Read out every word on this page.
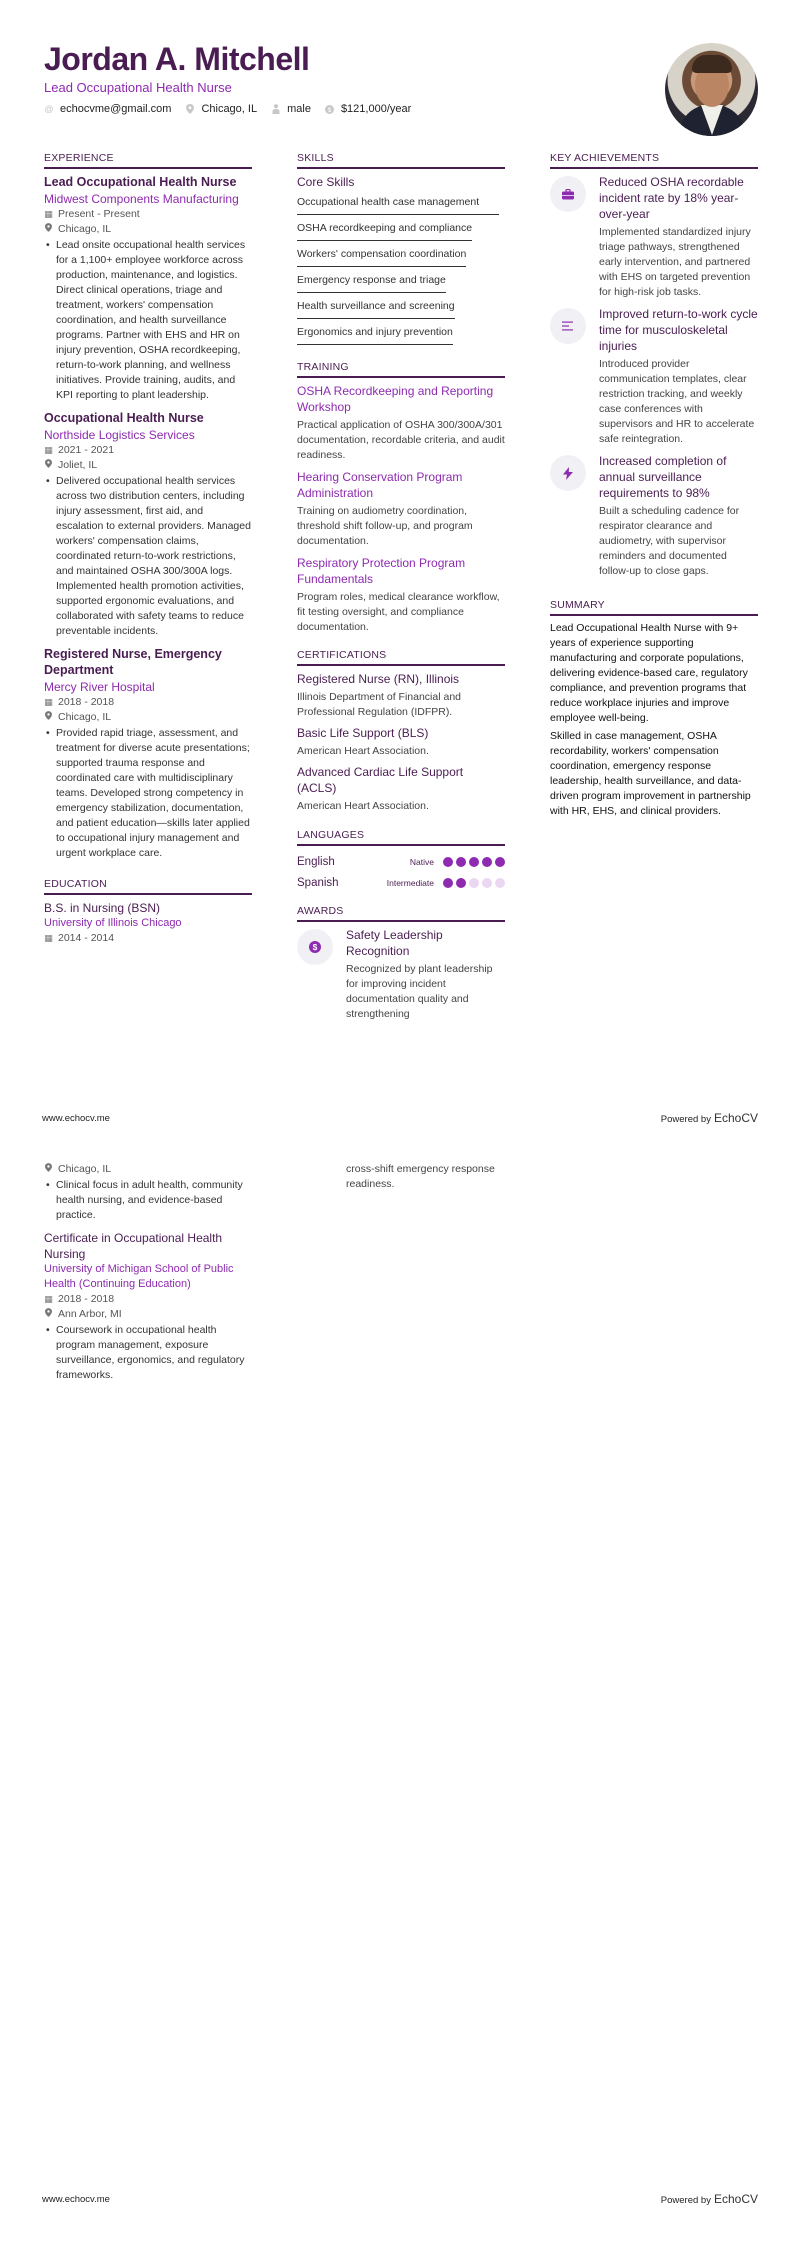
Jordan A. Mitchell
Lead Occupational Health Nurse
@ echocvme@gmail.com	Chicago, IL	male	$ $121,000/year
EXPERIENCE
Lead Occupational Health Nurse
Midwest Components Manufacturing
▦ Present - Present
Chicago, IL
• Lead onsite occupational health services for a 1,100+ employee workforce across production, maintenance, and logistics. Direct clinical operations, triage and treatment, workers' compensation coordination, and health surveillance programs. Partner with EHS and HR on injury prevention, OSHA recordkeeping, return-to-work planning, and wellness initiatives. Provide training, audits, and KPI reporting to plant leadership.
Occupational Health Nurse
Northside Logistics Services
▦ 2021 - 2021
Joliet, IL
• Delivered occupational health services across two distribution centers, including injury assessment, first aid, and escalation to external providers. Managed workers' compensation claims, coordinated return-to-work restrictions, and maintained OSHA 300/300A logs. Implemented health promotion activities, supported ergonomic evaluations, and collaborated with safety teams to reduce preventable incidents.
Registered Nurse, Emergency Department
Mercy River Hospital
▦ 2018 - 2018
Chicago, IL
• Provided rapid triage, assessment, and treatment for diverse acute presentations; supported trauma response and coordinated care with multidisciplinary teams. Developed strong competency in emergency stabilization, documentation, and patient education—skills later applied to occupational injury management and urgent workplace care.
EDUCATION
B.S. in Nursing (BSN)
University of Illinois Chicago
▦ 2014 - 2014
SKILLS
Core Skills
Occupational health case management
OSHA recordkeeping and compliance
Workers' compensation coordination
Emergency response and triage
Health surveillance and screening
Ergonomics and injury prevention
TRAINING
OSHA Recordkeeping and Reporting Workshop
Practical application of OSHA 300/300A/301 documentation, recordable criteria, and audit readiness.
Hearing Conservation Program Administration
Training on audiometry coordination, threshold shift follow-up, and program documentation.
Respiratory Protection Program Fundamentals
Program roles, medical clearance workflow, fit testing oversight, and compliance documentation.
CERTIFICATIONS
Registered Nurse (RN), Illinois
Illinois Department of Financial and Professional Regulation (IDFPR).
Basic Life Support (BLS)
American Heart Association.
Advanced Cardiac Life Support (ACLS)
American Heart Association.
LANGUAGES
English	Native
Spanish	Intermediate
AWARDS
$
Safety Leadership Recognition
Recognized by plant leadership for improving incident documentation quality and strengthening
KEY ACHIEVEMENTS
Reduced OSHA recordable incident rate by 18% year-over-year
Implemented standardized injury triage pathways, strengthened early intervention, and partnered with EHS on targeted prevention for high-risk job tasks.
Improved return-to-work cycle time for musculoskeletal injuries
Introduced provider communication templates, clear restriction tracking, and weekly case conferences with supervisors and HR to accelerate safe reintegration.
Increased completion of annual surveillance requirements to 98%
Built a scheduling cadence for respirator clearance and audiometry, with supervisor reminders and documented follow-up to close gaps.
SUMMARY

Lead Occupational Health Nurse with 9+ years of experience supporting manufacturing and corporate populations, delivering evidence-based care, regulatory compliance, and prevention programs that reduce workplace injuries and improve employee well-being.

Skilled in case management, OSHA recordability, workers' compensation coordination, emergency response leadership, health surveillance, and data-driven program improvement in partnership with HR, EHS, and clinical providers.

www.echocv.me	Powered by EchoCV
Chicago, IL
• Clinical focus in adult health, community health nursing, and evidence-based practice.
Certificate in Occupational Health Nursing
University of Michigan School of Public Health (Continuing Education)
▦ 2018 - 2018
Ann Arbor, MI
• Coursework in occupational health program management, exposure surveillance, ergonomics, and regulatory frameworks.
cross-shift emergency response readiness.
www.echocv.me	Powered by EchoCV
